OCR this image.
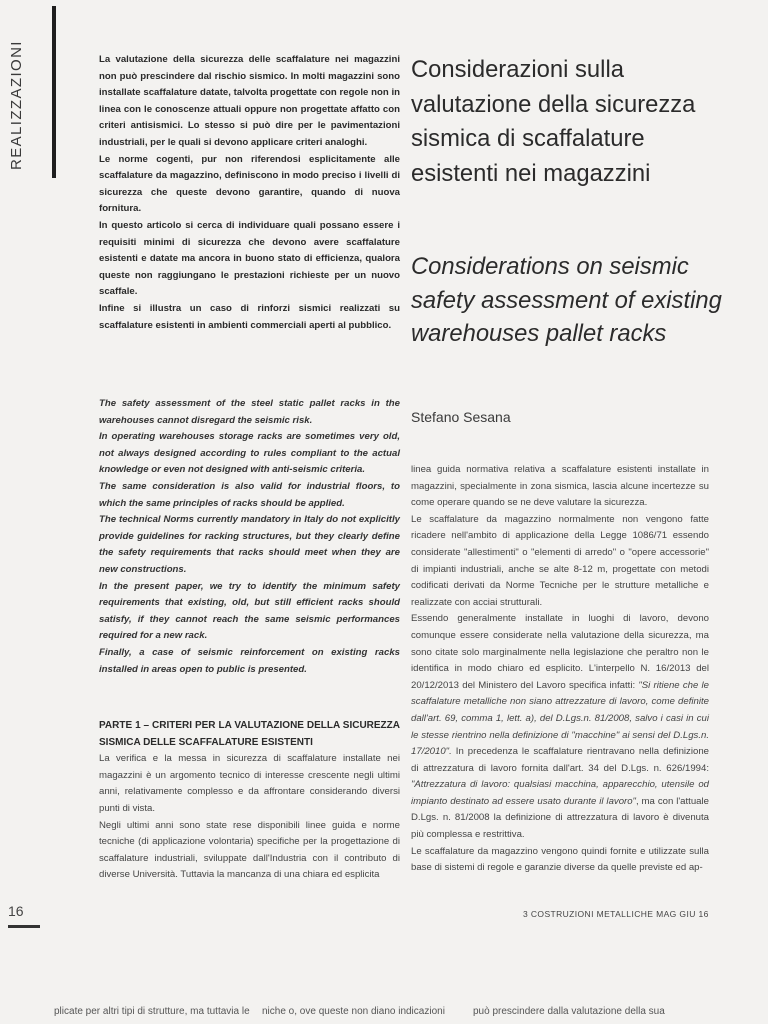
REALIZZAZIONI	La valutazione della sicurezza delle scaffalature nei magazzini non può prescindere dal rischio sismico. In molti magazzini sono installate scaffalature datate, talvolta progettate con regole non in linea con le conoscenze attuali oppure non progettate affatto con criteri antisismici. Lo stesso si può dire per le pavimentazioni industriali, per le quali si devono applicare criteri analoghi.

Le norme cogenti, pur non riferendosi esplicitamente alle scaffalature da magazzino, definiscono in modo preciso i livelli di sicurezza che queste devono garantire, quando di nuova fornitura.

In questo articolo si cerca di individuare quali possano essere i requisiti minimi di sicurezza che devono avere scaffalature esistenti e datate ma ancora in buono stato di efficienza, qualora queste non raggiungano le prestazioni richieste per un nuovo scaffale.

Infine si illustra un caso di rinforzi sismici realizzati su scaffalature esistenti in ambienti commerciali aperti al pubblico.

The safety assessment of the steel static pallet racks in the warehouses cannot disregard the seismic risk.

In operating warehouses storage racks are sometimes very old, not always designed according to rules compliant to the actual knowledge or even not designed with anti-seismic criteria.

The same consideration is also valid for industrial floors, to which the same principles of racks should be applied.

The technical Norms currently mandatory in Italy do not explicitly provide guidelines for racking structures, but they clearly define the safety requirements that racks should meet when they are new constructions.

In the present paper, we try to identify the minimum safety requirements that existing, old, but still efficient racks should satisfy, if they cannot reach the same seismic performances required for a new rack.

Finally, a case of seismic reinforcement on existing racks installed in areas open to public is presented.

PARTE 1 – CRITERI PER LA VALUTAZIONE DELLA SICUREZZA SISMICA DELLE SCAFFALATURE ESISTENTI

La verifica e la messa in sicurezza di scaffalature installate nei magazzini è un argomento tecnico di interesse crescente negli ultimi anni, relativamente complesso e da affrontare considerando diversi punti di vista.

Negli ultimi anni sono state rese disponibili linee guida e norme tecniche (di applicazione volontaria) specifiche per la progettazione di scaffalature industriali, sviluppate dall'Industria con il contributo di diverse Università. Tuttavia la mancanza di una chiara ed esplicita

Considerazioni sulla valutazione della sicurezza sismica di scaffalature esistenti nei magazzini
Considerations on seismic safety assessment of existing warehouses pallet racks
Stefano Sesana

linea guida normativa relativa a scaffalature esistenti installate in magazzini, specialmente in zona sismica, lascia alcune incertezze su come operare quando se ne deve valutare la sicurezza.

Le scaffalature da magazzino normalmente non vengono fatte ricadere nell'ambito di applicazione della Legge 1086/71 essendo considerate "allestimenti" o "elementi di arredo" o "opere accessorie" di impianti industriali, anche se alte 8-12 m, progettate con metodi codificati derivati da Norme Tecniche per le strutture metalliche e realizzate con acciai strutturali.

Essendo generalmente installate in luoghi di lavoro, devono comunque essere considerate nella valutazione della sicurezza, ma sono citate solo marginalmente nella legislazione che peraltro non le identifica in modo chiaro ed esplicito. L'interpello N. 16/2013 del 20/12/2013 del Ministero del Lavoro specifica infatti: "Si ritiene che le scaffalature metalliche non siano attrezzature di lavoro, come definite dall'art. 69, comma 1, lett. a), del D.Lgs.n. 81/2008, salvo i casi in cui le stesse rientrino nella definizione di "macchine" ai sensi del D.Lgs.n. 17/2010". In precedenza le scaffalature rientravano nella definizione di attrezzatura di lavoro fornita dall'art. 34 del D.Lgs. n. 626/1994: "Attrezzatura di lavoro: qualsiasi macchina, apparecchio, utensile od impianto destinato ad essere usato durante il lavoro", ma con l'attuale D.Lgs. n. 81/2008 la definizione di attrezzatura di lavoro è divenuta più complessa e restrittiva.

Le scaffalature da magazzino vengono quindi fornite e utilizzate sulla base di sistemi di regole e garanzie diverse da quelle previste ed ap-

16	3 COSTRUZIONI METALLICHE MAG GIU 16
plicate per altri tipi di strutture, ma tuttavia le niche o, ove queste non diano indicazioni	può prescindere dalla valutazione della sua
